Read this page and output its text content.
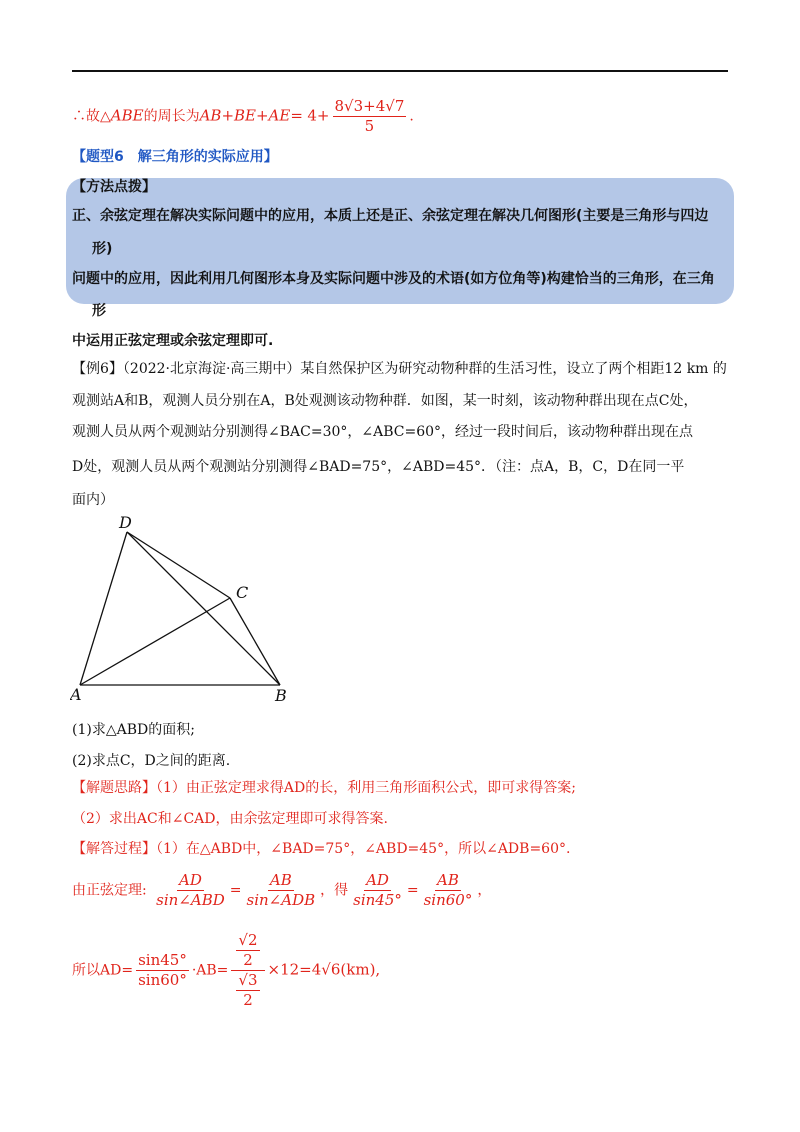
∴故△ABE的周长为$AB+BE+AE= 4+ \frac{8√3+4√7}{5}$ .
【题型6　解三角形的实际应用】
【方法点拨】
正、余弦定理在解决实际问题中的应用，本质上还是正、余弦定理在解决几何图形(主要是三角形与四边
形)
问题中的应用，因此利用几何图形本身及实际问题中涉及的术语(如方位角等)构建恰当的三角形，在三角
形
中运用正弦定理或余弦定理即可.
【例6】（2022·北京海淀·高三期中）某自然保护区为研究动物种群的生活习性，设立了两个相距12 km 的
观测站A和B，观测人员分别在A，B处观测该动物种群．如图，某一时刻，该动物种群出现在点C处，
观测人员从两个观测站分别测得∠BAC=30°，∠ABC=60°，经过一段时间后，该动物种群出现在点
D处，观测人员从两个观测站分别测得∠BAD=75°，∠ABD=45°．（注：点A，B，C，D在同一平
面内）
A	B
C
D
(1)求△ABD的面积;
(2)求点C，D之间的距离.
【解题思路】（1）由正弦定理求得AD的长，利用三角形面积公式，即可求得答案;
（2）求出AC和∠CAD，由余弦定理即可求得答案.
【解答过程】（1）在△ABD中，∠BAD=75°，∠ABD=45°，所以∠ADB=60°.
由正弦定理: $\frac{AD}{\text{sin∠ABD}} = \frac{AB}{\text{sin∠ADB}}$ ，得 $\frac{AD}{\sin 45^\circ} = \frac{AB}{\sin 60^\circ}$ ，
所以$AD= \frac{\sin 45^\circ}{\sin 60^\circ} \cdot AB= \frac{\frac{√2}{2}}{\frac{√3}{2}} \times 12=4√6(km)$,
